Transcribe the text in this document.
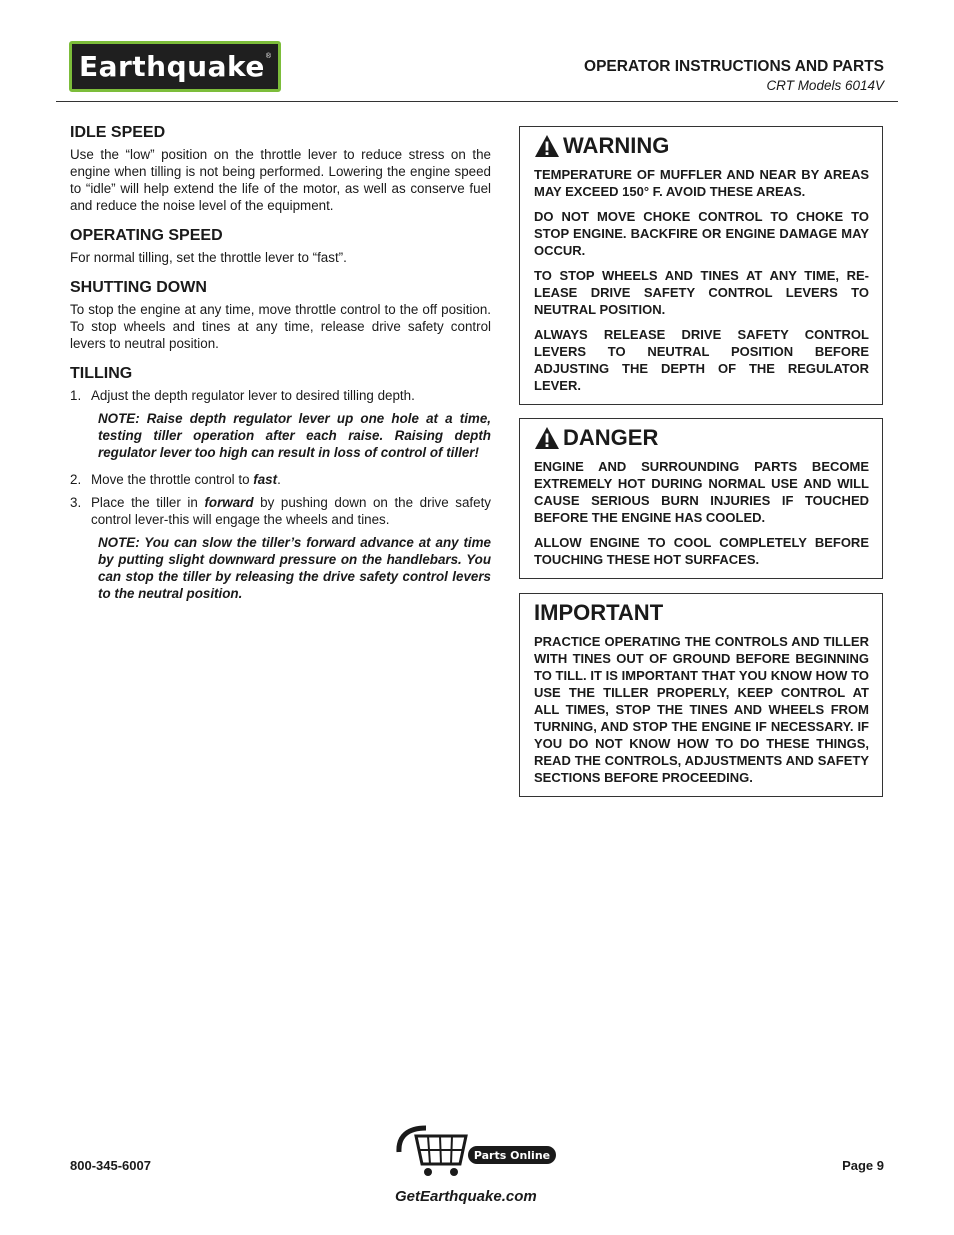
Earthquake ®
OPERATOR INSTRUCTIONS AND PARTS
CRT Models 6014V
IDLE SPEED

Use the “low” position on the throttle lever to reduce stress on the engine when tilling is not being performed. Lowering the engine speed to “idle” will help extend the life of the motor, as well as conserve fuel and reduce the noise level of the equipment.

OPERATING SPEED

For normal tilling, set the throttle lever to “fast”.

SHUTTING DOWN

To stop the engine at any time, move throttle control to the off position. To stop wheels and tines at any time, release drive safety control levers to neutral position.

TILLING
1. Adjust the depth regulator lever to desired tilling depth.
NOTE: Raise depth regulator lever up one hole at a time, testing tiller operation after each raise. Raising depth regulator lever too high can result in loss of control of tiller!
2. Move the throttle control to fast.
3. Place the tiller in forward by pushing down on the drive safety control lever-this will engage the wheels and tines.
NOTE: You can slow the tiller’s forward advance at any time by putting slight downward pressure on the handlebars. You can stop the tiller by releasing the drive safety control levers to the neutral position.
WARNING

TEMPERATURE OF MUFFLER AND NEAR BY AREAS MAY EXCEED 150° F. AVOID THESE AREAS.

DO NOT MOVE CHOKE CONTROL TO CHOKE TO STOP ENGINE. BACKFIRE OR ENGINE DAMAGE MAY OCCUR.

TO STOP WHEELS AND TINES AT ANY TIME, RE-LEASE DRIVE SAFETY CONTROL LEVERS TO NEUTRAL POSITION.

ALWAYS RELEASE DRIVE SAFETY CONTROL LEVERS TO NEUTRAL POSITION BEFORE ADJUSTING THE DEPTH OF THE REGULATOR LEVER.

DANGER

ENGINE AND SURROUNDING PARTS BECOME EXTREMELY HOT DURING NORMAL USE AND WILL CAUSE SERIOUS BURN INJURIES IF TOUCHED BEFORE THE ENGINE HAS COOLED.

ALLOW ENGINE TO COOL COMPLETELY BEFORE TOUCHING THESE HOT SURFACES.

IMPORTANT

PRACTICE OPERATING THE CONTROLS AND TILLER WITH TINES OUT OF GROUND BEFORE BEGINNING TO TILL. IT IS IMPORTANT THAT YOU KNOW HOW TO USE THE TILLER PROPERLY, KEEP CONTROL AT ALL TIMES, STOP THE TINES AND WHEELS FROM TURNING, AND STOP THE ENGINE IF NECESSARY. IF YOU DO NOT KNOW HOW TO DO THESE THINGS, READ THE CONTROLS, ADJUSTMENTS AND SAFETY SECTIONS BEFORE PROCEEDING.

800-345-6007
Parts Online
GetEarthquake.com
Page 9
